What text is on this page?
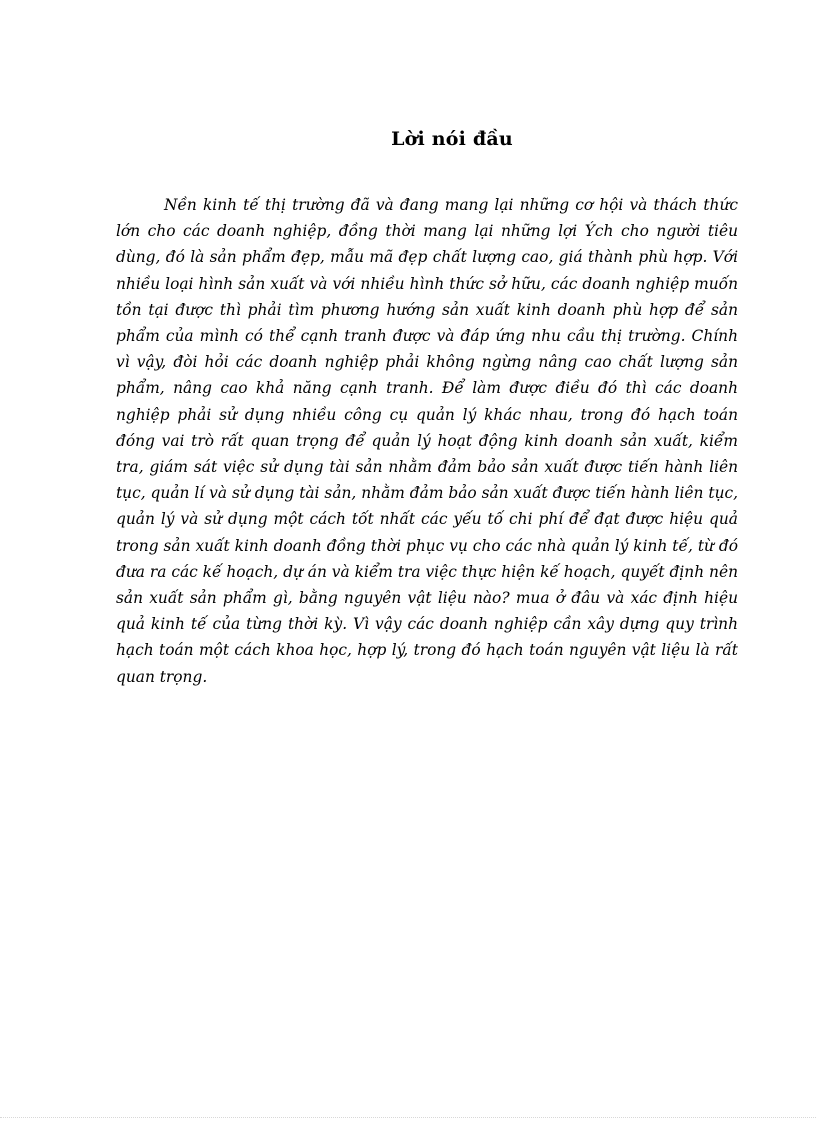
Lời nói đầu

Nền kinh tế thị trường đã và đang mang lại những cơ hội và thách thức lớn cho các doanh nghiệp, đồng thời mang lại những lợi Ých cho người tiêu dùng, đó là sản phẩm đẹp, mẫu mã đẹp chất lượng cao, giá thành phù hợp. Với nhiều loại hình sản xuất và với nhiều hình thức sở hữu, các doanh nghiệp muốn tồn tại được thì phải tìm phương hướng sản xuất kinh doanh phù hợp để sản phẩm của mình có thể cạnh tranh được và đáp ứng nhu cầu thị trường. Chính vì vậy, đòi hỏi các doanh nghiệp phải không ngừng nâng cao chất lượng sản phẩm, nâng cao khả năng cạnh tranh. Để làm được điều đó thì các doanh nghiệp phải sử dụng nhiều công cụ quản lý khác nhau, trong đó hạch toán đóng vai trò rất quan trọng để quản lý hoạt động kinh doanh sản xuất, kiểm tra, giám sát việc sử dụng tài sản nhằm đảm bảo sản xuất được tiến hành liên tục, quản lí và sử dụng tài sản, nhằm đảm bảo sản xuất được tiến hành liên tục, quản lý và sử dụng một cách tốt nhất các yếu tố chi phí để đạt được hiệu quả trong sản xuất kinh doanh đồng thời phục vụ cho các nhà quản lý kinh tế, từ đó đưa ra các kế hoạch, dự án và kiểm tra việc thực hiện kế hoạch, quyết định nên sản xuất sản phẩm gì, bằng nguyên vật liệu nào? mua ở đâu và xác định hiệu quả kinh tế của từng thời kỳ. Vì vậy các doanh nghiệp cần xây dựng quy trình hạch toán một cách khoa học, hợp lý, trong đó hạch toán nguyên vật liệu là rất quan trọng.
